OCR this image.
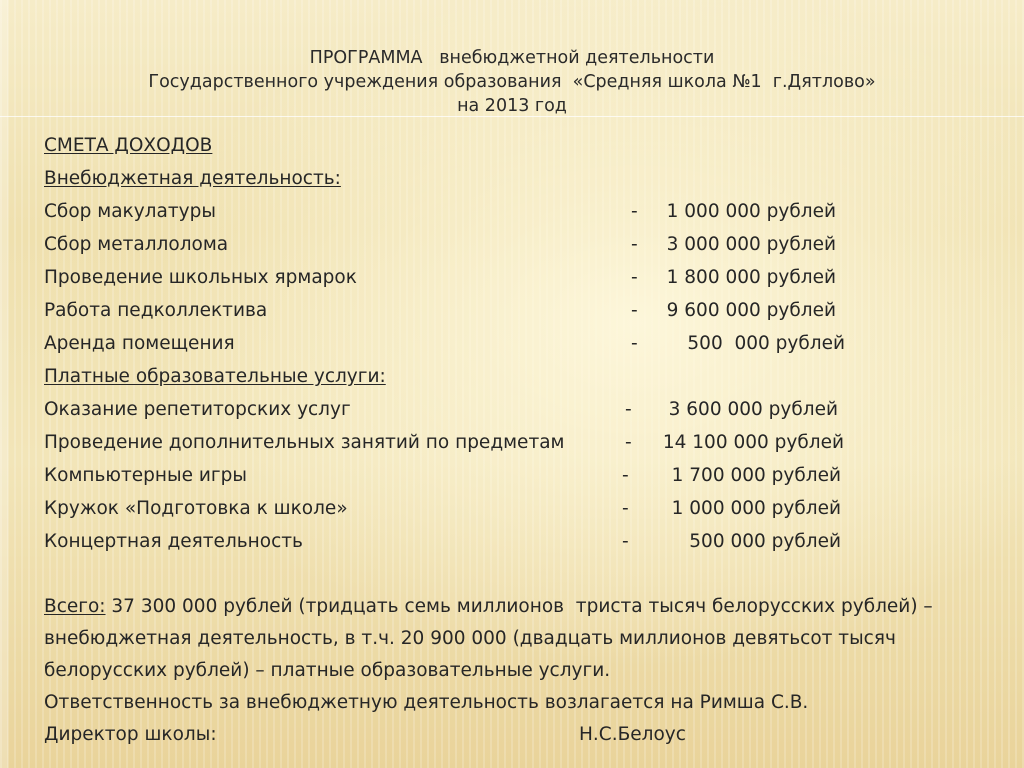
ПРОГРАММА   внебюджетной деятельности
Государственного учреждения образования  «Средняя школа №1  г.Дятлово»
на 2013 год
СМЕТА ДОХОДОВ
Внебюджетная деятельность:
Сбор макулатуры	- 1 000 000 рублей
Сбор металлолома	- 3 000 000 рублей
Проведение школьных ярмарок	- 1 800 000 рублей
Работа педколлектива	- 9 600 000 рублей
Аренда помещения	-	500  000 рублей
Платные образовательные услуги:
Оказание репетиторских услуг	- 3 600 000 рублей
Проведение дополнительных занятий по предметам	- 14 100 000 рублей
Компьютерные игры	- 1 700 000 рублей
Кружок «Подготовка к школе»	- 1 000 000 рублей
Концертная деятельность	-	500 000 рублей
Всего: 37 300 000 рублей (тридцать семь миллионов  триста тысяч белорусских рублей) –
внебюджетная деятельность, в т.ч. 20 900 000 (двадцать миллионов девятьсот тысяч
белорусских рублей) – платные образовательные услуги.
Ответственность за внебюджетную деятельность возлагается на Римша С.В.
Директор школы:	Н.С.Белоус
